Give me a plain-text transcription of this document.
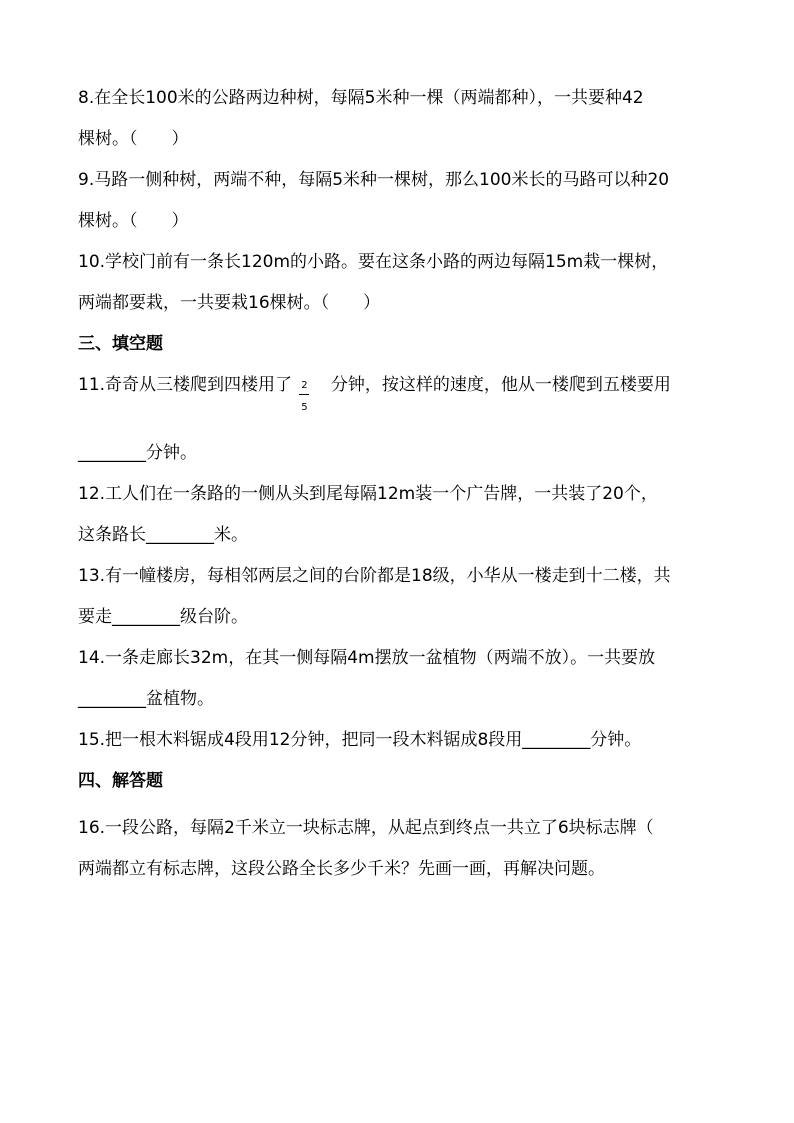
8.在全长100米的公路两边种树，每隔5米种一棵（两端都种），一共要种42
棵树。（　　）
9.马路一侧种树，两端不种，每隔5米种一棵树，那么100米长的马路可以种20
棵树。（　　）
10.学校门前有一条长120m的小路。要在这条小路的两边每隔15m栽一棵树，
两端都要栽，一共要栽16棵树。（　　）
三、填空题
11.奇奇从三楼爬到四楼用了 $\frac{2}{5}$ 分钟，按这样的速度，他从一楼爬到五楼要用
________分钟。
12.工人们在一条路的一侧从头到尾每隔12m装一个广告牌，一共装了20个，
这条路长________米。
13.有一幢楼房，每相邻两层之间的台阶都是18级，小华从一楼走到十二楼，共
要走________级台阶。
14.一条走廊长32m，在其一侧每隔4m摆放一盆植物（两端不放）。一共要放
________盆植物。
15.把一根木料锯成4段用12分钟，把同一段木料锯成8段用________分钟。
四、解答题
16.一段公路，每隔2千米立一块标志牌，从起点到终点一共立了6块标志牌（
两端都立有标志牌，这段公路全长多少千米？先画一画，再解决问题。
